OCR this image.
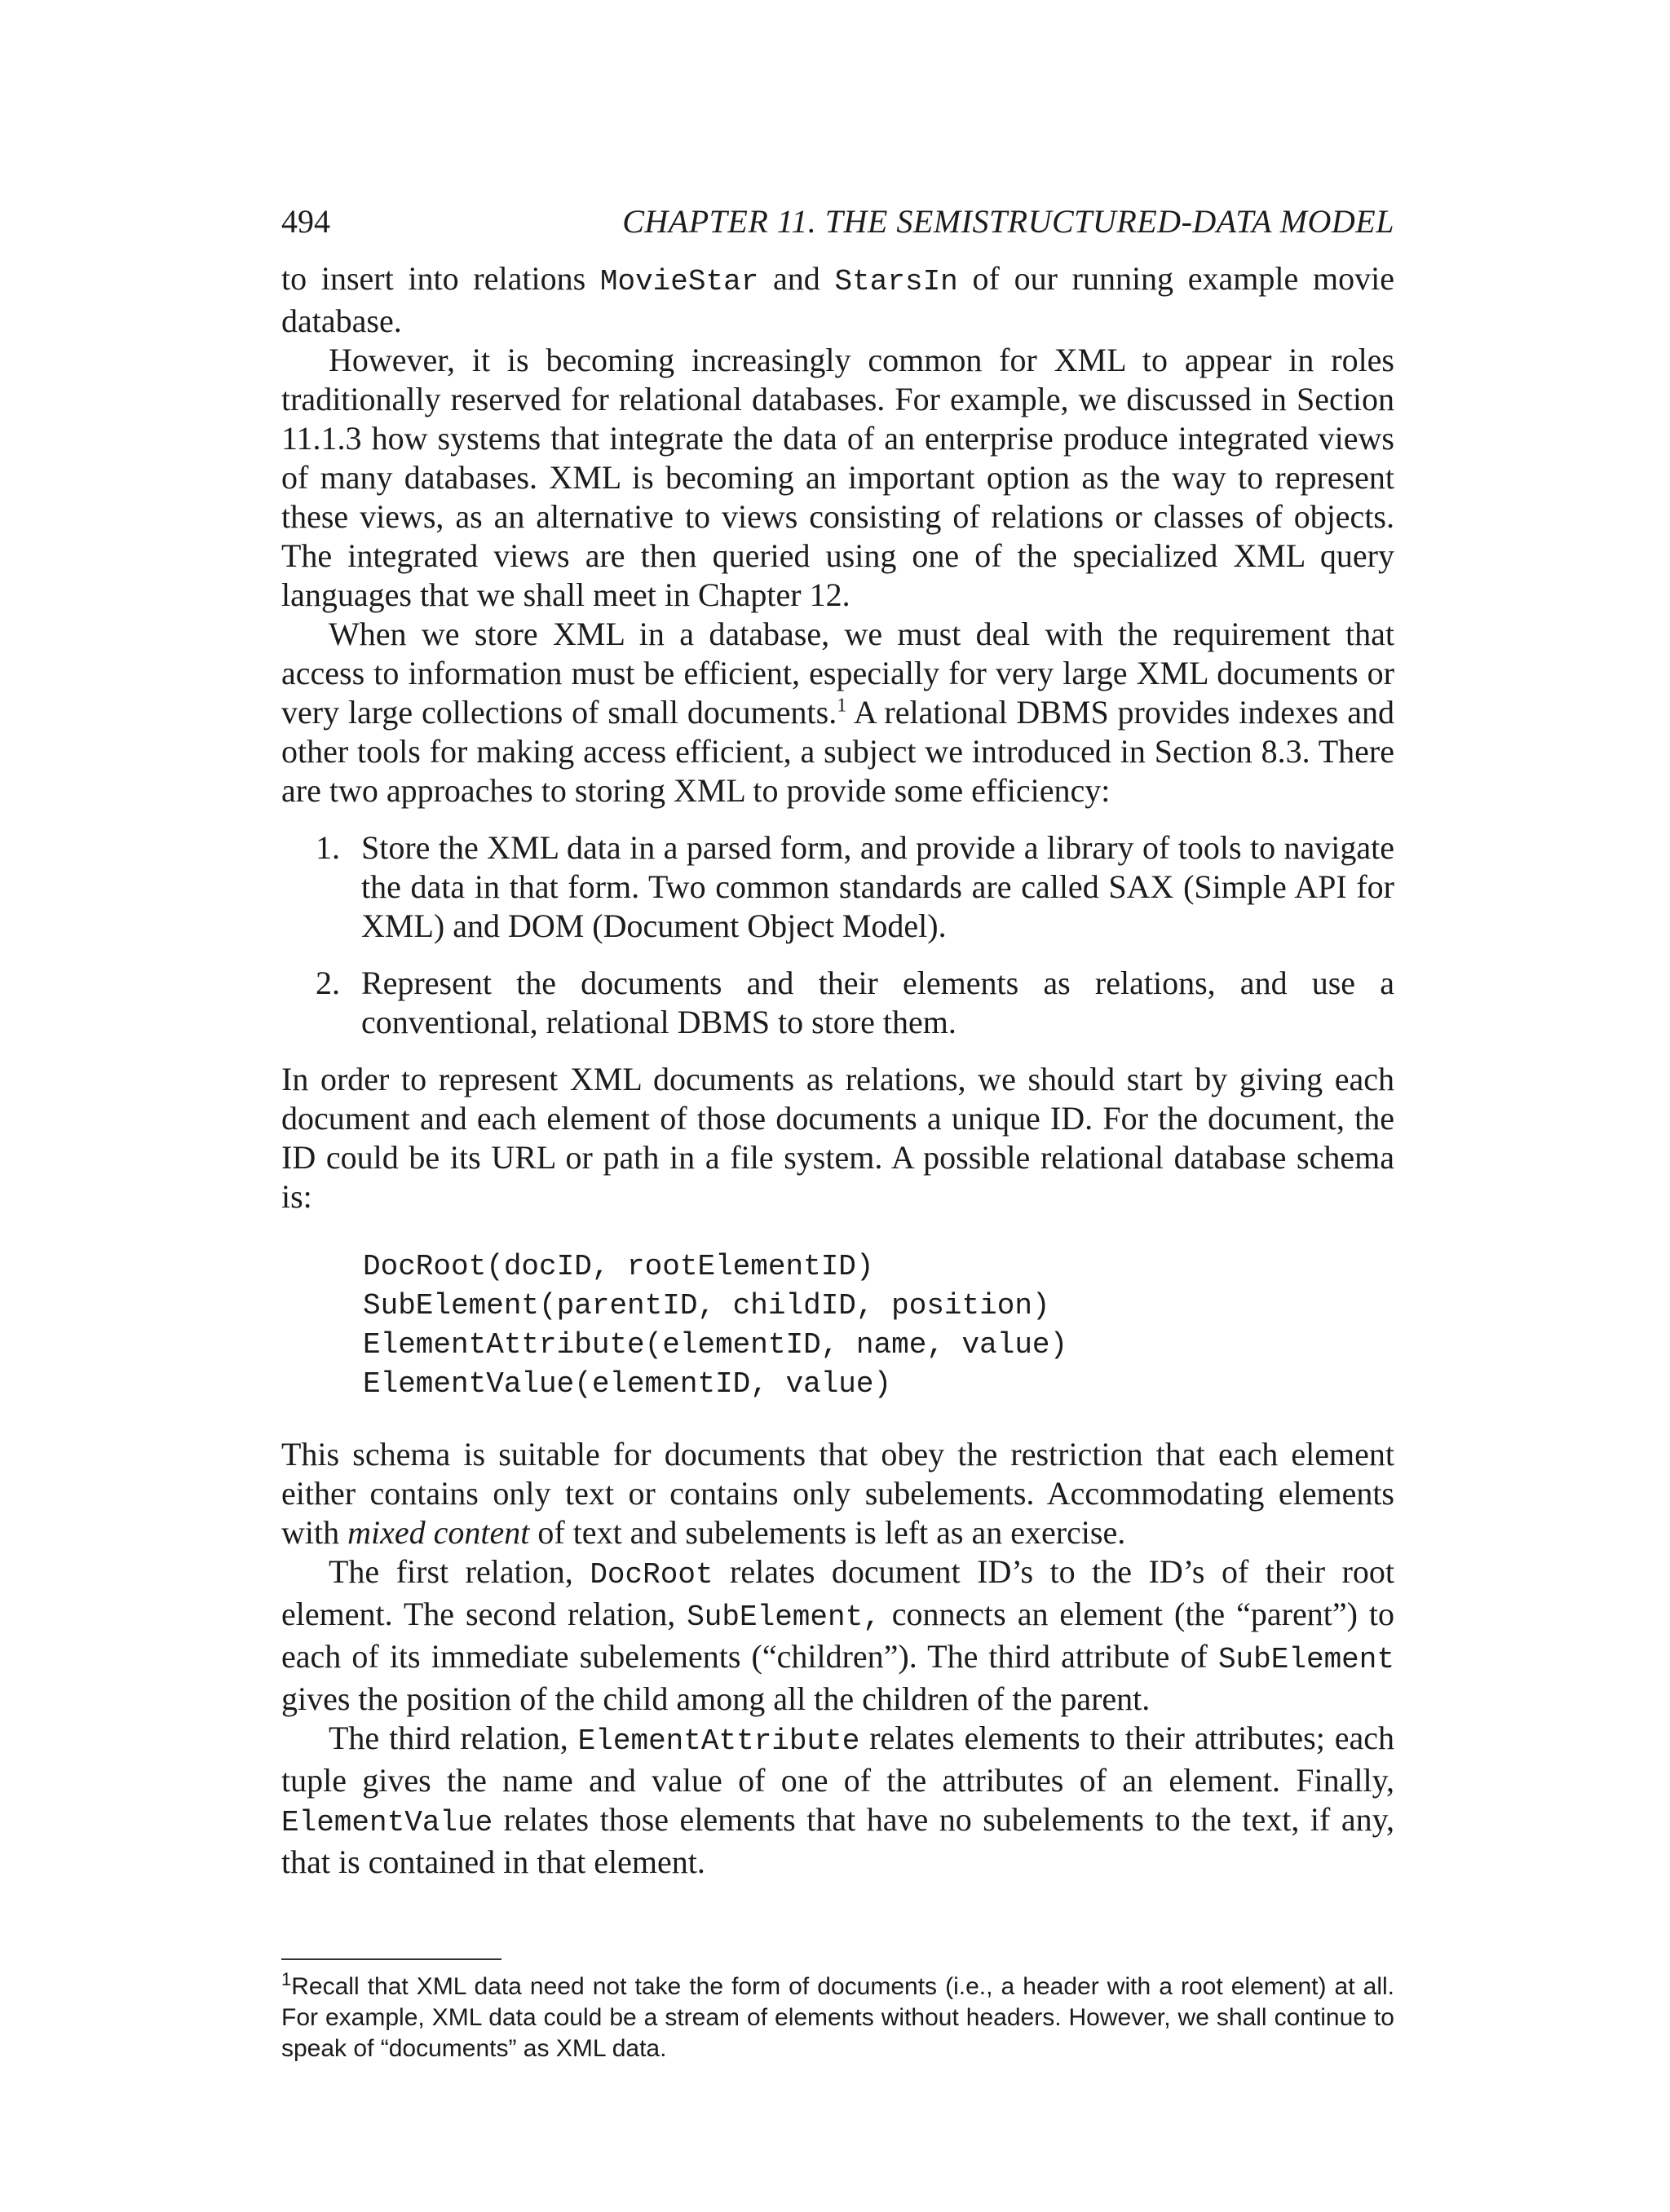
494	CHAPTER 11. THE SEMISTRUCTURED-DATA MODEL

to insert into relations MovieStar and StarsIn of our running example movie database.

However, it is becoming increasingly common for XML to appear in roles traditionally reserved for relational databases. For example, we discussed in Section 11.1.3 how systems that integrate the data of an enterprise produce integrated views of many databases. XML is becoming an important option as the way to represent these views, as an alternative to views consisting of relations or classes of objects. The integrated views are then queried using one of the specialized XML query languages that we shall meet in Chapter 12.

When we store XML in a database, we must deal with the requirement that access to information must be efficient, especially for very large XML documents or very large collections of small documents.$^1$ A relational DBMS provides indexes and other tools for making access efficient, a subject we introduced in Section 8.3. There are two approaches to storing XML to provide some efficiency:

1. Store the XML data in a parsed form, and provide a library of tools to navigate the data in that form. Two common standards are called SAX (Simple API for XML) and DOM (Document Object Model).
2. Represent the documents and their elements as relations, and use a conventional, relational DBMS to store them.

In order to represent XML documents as relations, we should start by giving each document and each element of those documents a unique ID. For the document, the ID could be its URL or path in a file system. A possible relational database schema is:

DocRoot(docID, rootElementID)
SubElement(parentID, childID, position)
ElementAttribute(elementID, name, value)
ElementValue(elementID, value)

This schema is suitable for documents that obey the restriction that each element either contains only text or contains only subelements. Accommodating elements with mixed content of text and subelements is left as an exercise.

The first relation, DocRoot relates document ID’s to the ID’s of their root element. The second relation, SubElement, connects an element (the “parent”) to each of its immediate subelements (“children”). The third attribute of SubElement gives the position of the child among all the children of the parent.

The third relation, ElementAttribute relates elements to their attributes; each tuple gives the name and value of one of the attributes of an element. Finally, ElementValue relates those elements that have no subelements to the text, if any, that is contained in that element.

$^1$Recall that XML data need not take the form of documents (i.e., a header with a root element) at all. For example, XML data could be a stream of elements without headers. However, we shall continue to speak of “documents” as XML data.
